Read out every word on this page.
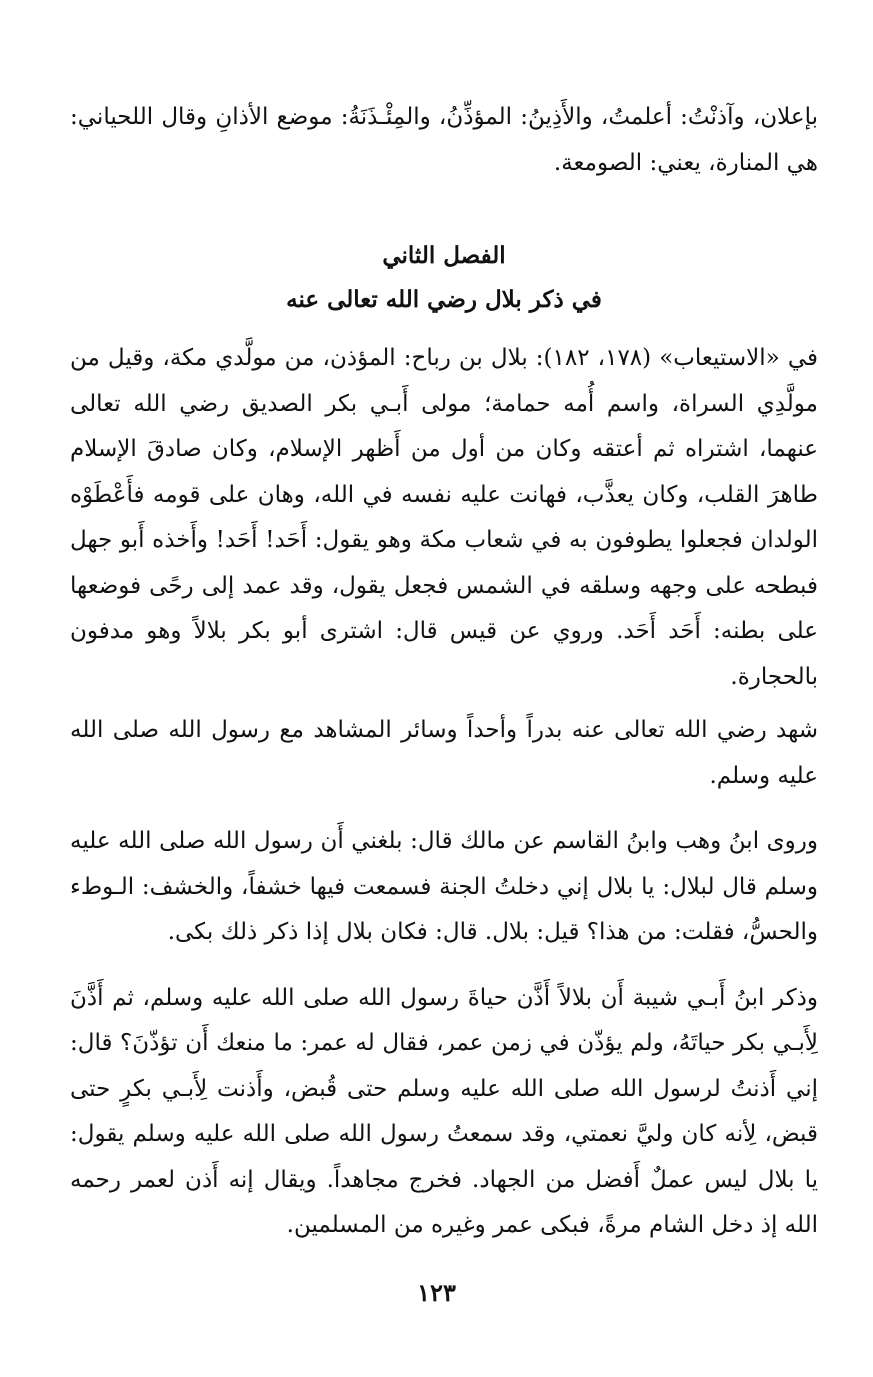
بإعلان، وآذنْتُ: أعلمتُ، والأَذِينُ: المؤذِّنُ، والمِئْـذَنَةُ: موضع الأذانِ وقال اللحياني: هي المنارة، يعني: الصومعة.

الفصل الثاني

في ذكر بلال رضي الله تعالى عنه

في «الاستيعاب» (١٧٨، ١٨٢): بلال بن رباح: المؤذن، من مولَّدي مكة، وقيل من مولَّدِي السراة، واسم أُمه حمامة؛ مولى أَبـي بكر الصديق رضي الله تعالى عنهما، اشتراه ثم أعتقه وكان من أول من أَظهر الإسلام، وكان صادقَ الإسلام طاهرَ القلب، وكان يعذَّب، فهانت عليه نفسه في الله، وهان على قومه فأَعْطَوْه الولدان فجعلوا يطوفون به في شعاب مكة وهو يقول: أَحَد! أَحَد! وأَخذه أَبو جهل فبطحه على وجهه وسلقه في الشمس فجعل يقول، وقد عمد إلى رحًى فوضعها على بطنه: أَحَد أَحَد. وروي عن قيس قال: اشترى أبو بكر بلالاً وهو مدفون بالحجارة.

شهد رضي الله تعالى عنه بدراً وأحداً وسائر المشاهد مع رسول الله صلى الله عليه وسلم.

وروى ابنُ وهب وابنُ القاسم عن مالك قال: بلغني أَن رسول الله صلى الله عليه وسلم قال لبلال: يا بلال إني دخلتُ الجنة فسمعت فيها خشفاً، والخشف: الـوطء والحسُّ، فقلت: من هذا؟ قيل: بلال. قال: فكان بلال إذا ذكر ذلك بكى.

وذكر ابنُ أَبـي شيبة أَن بلالاً أَذَّن حياةَ رسول الله صلى الله عليه وسلم، ثم أَذَّنَ لِأَبـي بكر حياتَهُ، ولم يؤذّن في زمن عمر، فقال له عمر: ما منعك أَن تؤذّنَ؟ قال: إني أَذنتُ لرسول الله صلى الله عليه وسلم حتى قُبض، وأَذنت لِأَبـي بكرٍ حتى قبض، لِأنه كان وليَّ نعمتي، وقد سمعتُ رسول الله صلى الله عليه وسلم يقول: يا بلال ليس عملٌ أَفضل من الجهاد. فخرج مجاهداً. ويقال إنه أَذن لعمر رحمه الله إذ دخل الشام مرةً، فبكى عمر وغيره من المسلمين.

١٢٣
